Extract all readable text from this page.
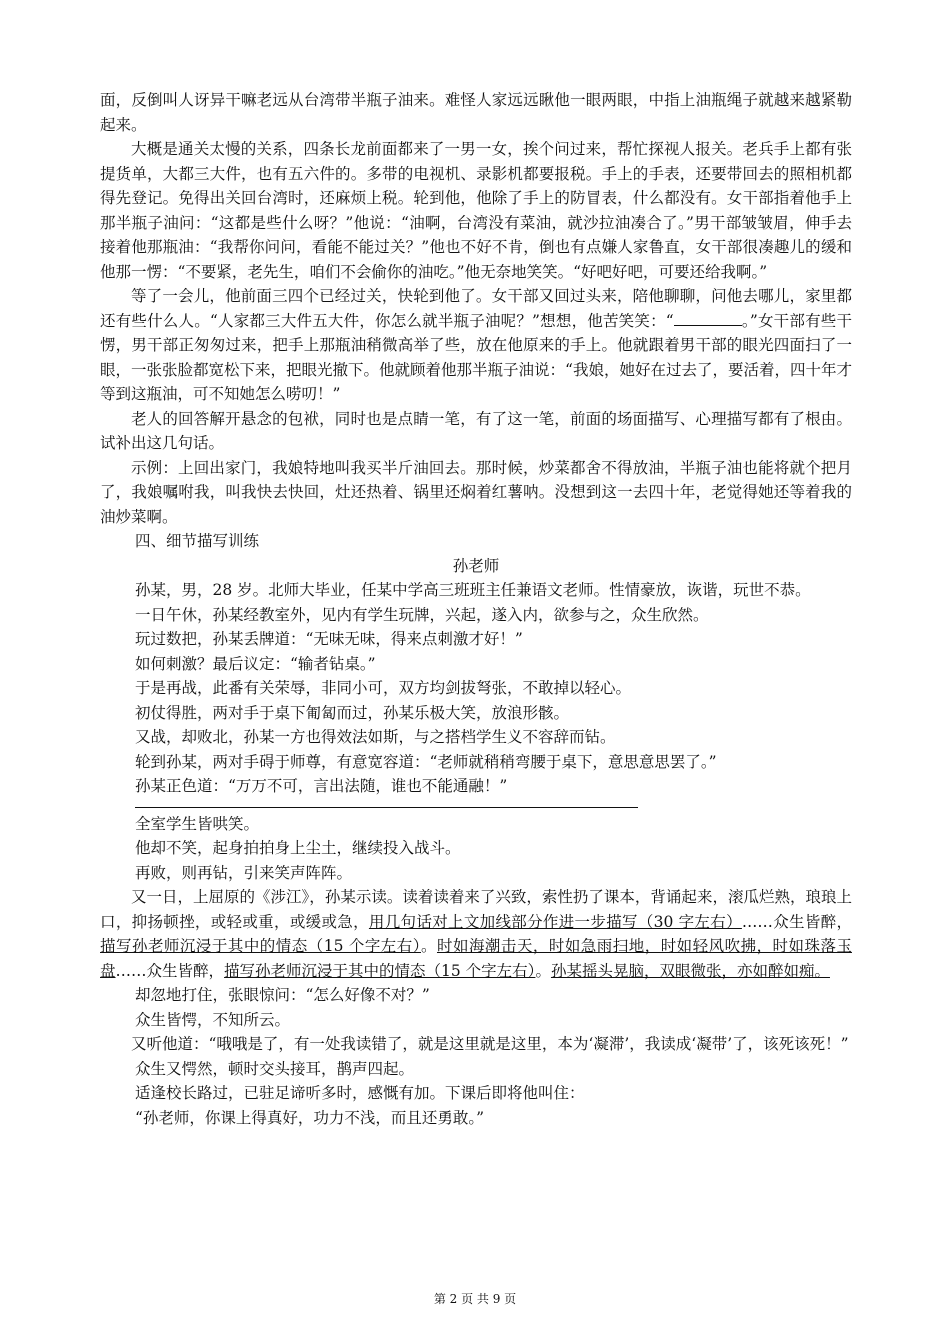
面，反倒叫人讶异干嘛老远从台湾带半瓶子油来。难怪人家远远瞅他一眼两眼，中指上油瓶绳子就越来越紧勒起来。

大概是通关太慢的关系，四条长龙前面都来了一男一女，挨个问过来，帮忙探视人报关。老兵手上都有张提货单，大都三大件，也有五六件的。多带的电视机、录影机都要报税。手上的手表，还要带回去的照相机都得先登记。免得出关回台湾时，还麻烦上税。轮到他，他除了手上的防冒表，什么都没有。女干部指着他手上那半瓶子油问：“这都是些什么呀？”他说：“油啊，台湾没有菜油，就沙拉油凑合了。”男干部皱皱眉，伸手去接着他那瓶油：“我帮你问问，看能不能过关？”他也不好不肯，倒也有点嫌人家鲁直，女干部很凑趣儿的缓和他那一愣：“不要紧，老先生，咱们不会偷你的油吃。”他无奈地笑笑。“好吧好吧，可要还给我啊。”

等了一会儿，他前面三四个已经过关，快轮到他了。女干部又回过头来，陪他聊聊，问他去哪儿，家里都还有些什么人。“人家都三大件五大件，你怎么就半瓶子油呢？”想想，他苦笑笑：“	。”女干部有些干愣，男干部正匆匆过来，把手上那瓶油稍微高举了些，放在他原来的手上。他就跟着男干部的眼光四面扫了一眼，一张张脸都宽松下来，把眼光撤下。他就顾着他那半瓶子油说：“我娘，她好在过去了，要活着，四十年才等到这瓶油，可不知她怎么唠叨！”

老人的回答解开悬念的包袱，同时也是点睛一笔，有了这一笔，前面的场面描写、心理描写都有了根由。试补出这几句话。

示例：上回出家门，我娘特地叫我买半斤油回去。那时候，炒菜都舍不得放油，半瓶子油也能将就个把月了，我娘嘱咐我，叫我快去快回，灶还热着、锅里还焖着红薯呐。没想到这一去四十年，老觉得她还等着我的油炒菜啊。

四、细节描写训练

孙老师

孙某，男，28 岁。北师大毕业，任某中学高三班班主任兼语文老师。性情豪放，诙谐，玩世不恭。

一日午休，孙某经教室外，见内有学生玩牌，兴起，遂入内，欲参与之，众生欣然。

玩过数把，孙某丢牌道：“无味无味，得来点刺激才好！”

如何刺激？最后议定：“输者钻桌。”

于是再战，此番有关荣辱，非同小可，双方均剑拔弩张，不敢掉以轻心。

初仗得胜，两对手于桌下匍匐而过，孙某乐极大笑，放浪形骸。

又战，却败北，孙某一方也得效法如斯，与之搭档学生义不容辞而钻。

轮到孙某，两对手碍于师尊，有意宽容道：“老师就稍稍弯腰于桌下，意思意思罢了。”

孙某正色道：“万万不可，言出法随，谁也不能通融！”

全室学生皆哄笑。

他却不笑，起身拍拍身上尘土，继续投入战斗。

再败，则再钻，引来笑声阵阵。

又一日，上屈原的《涉江》，孙某示读。读着读着来了兴致，索性扔了课本，背诵起来，滚瓜烂熟，琅琅上口，抑扬顿挫，或轻或重，或缓或急，用几句话对上文加线部分作进一步描写（30 字左右）……众生皆醉，描写孙老师沉浸于其中的情态（15 个字左右）。时如海潮击天，时如急雨扫地，时如轻风吹拂，时如珠落玉盘……众生皆醉，描写孙老师沉浸于其中的情态（15 个字左右）。孙某摇头晃脑，双眼微张，亦如醉如痴。

却忽地打住，张眼惊问：“怎么好像不对？”

众生皆愕，不知所云。

又听他道：“哦哦是了，有一处我读错了，就是这里就是这里，本为‘凝滞’，我读成‘凝带’了，该死该死！”

众生又愕然，顿时交头接耳，鹊声四起。

适逢校长路过，已驻足谛听多时，感慨有加。下课后即将他叫住：

“孙老师，你课上得真好，功力不浅，而且还勇敢。”

第 2 页 共 9 页
